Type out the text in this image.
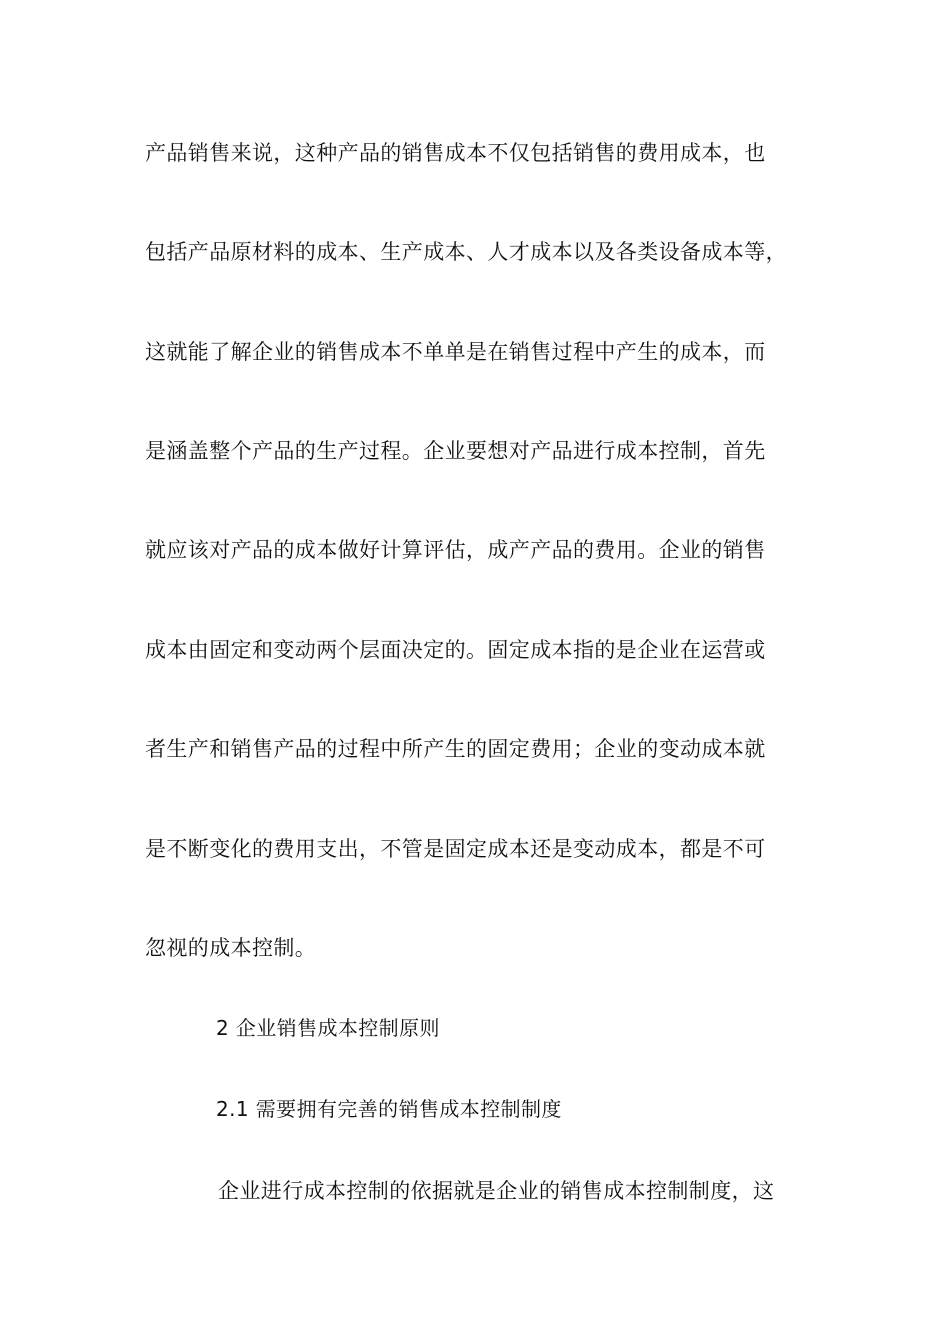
产品销售来说，这种产品的销售成本不仅包括销售的费用成本，也
包括产品原材料的成本、生产成本、人才成本以及各类设备成本等，
这就能了解企业的销售成本不单单是在销售过程中产生的成本，而
是涵盖整个产品的生产过程。企业要想对产品进行成本控制，首先
就应该对产品的成本做好计算评估，成产产品的费用。企业的销售
成本由固定和变动两个层面决定的。固定成本指的是企业在运营或
者生产和销售产品的过程中所产生的固定费用；企业的变动成本就
是不断变化的费用支出，不管是固定成本还是变动成本，都是不可
忽视的成本控制。
2 企业销售成本控制原则
2.1 需要拥有完善的销售成本控制制度
企业进行成本控制的依据就是企业的销售成本控制制度，这
